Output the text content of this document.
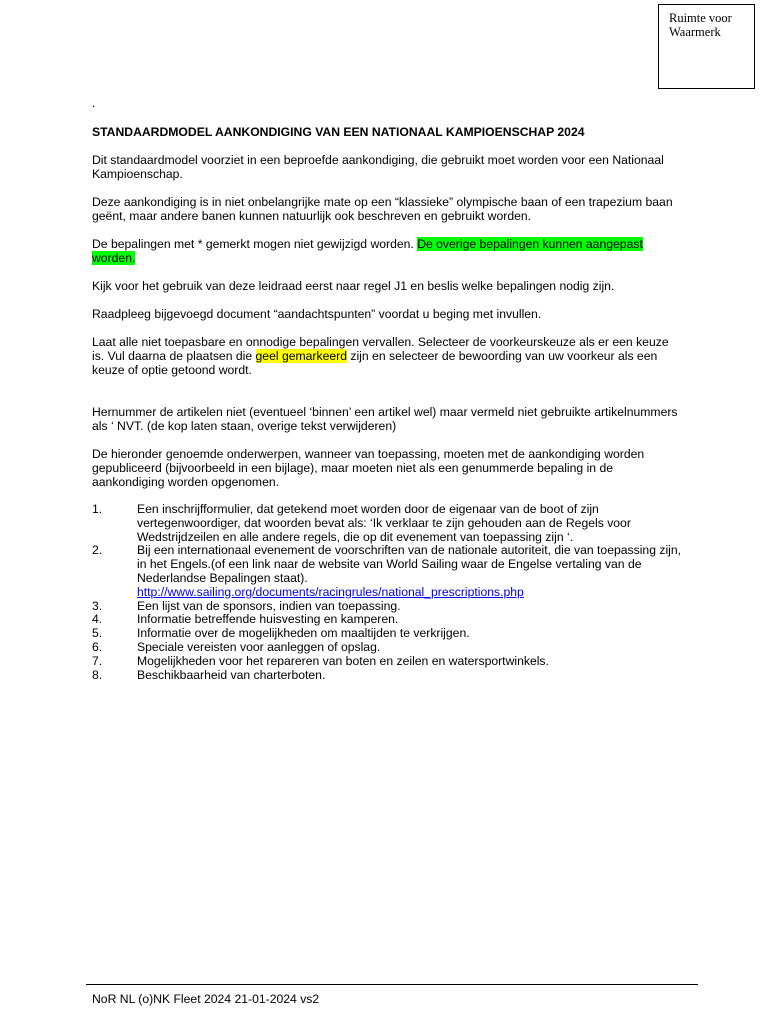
Ruimte voor
Waarmerk
.
STANDAARDMODEL AANKONDIGING VAN EEN NATIONAAL KAMPIOENSCHAP 2024

Dit standaardmodel voorziet in een beproefde aankondiging, die gebruikt moet worden voor een Nationaal Kampioenschap.

Deze aankondiging is in niet onbelangrijke mate op een “klassieke” olympische baan of een trapezium baan geënt, maar andere banen kunnen natuurlijk ook beschreven en gebruikt worden.

De bepalingen met * gemerkt mogen niet gewijzigd worden. De overige bepalingen kunnen aangepast worden.

Kijk voor het gebruik van deze leidraad eerst naar regel J1 en beslis welke bepalingen nodig zijn.

Raadpleeg bijgevoegd document “aandachtspunten” voordat u beging met invullen.

Laat alle niet toepasbare en onnodige bepalingen vervallen. Selecteer de voorkeurskeuze als er een keuze is. Vul daarna de plaatsen die geel gemarkeerd zijn en selecteer de bewoording van uw voorkeur als een keuze of optie getoond wordt.

Hernummer de artikelen niet (eventueel ‘binnen’ een artikel wel) maar vermeld niet gebruikte artikelnummers als ‘ NVT. (de kop laten staan, overige tekst verwijderen)

De hieronder genoemde onderwerpen, wanneer van toepassing, moeten met de aankondiging worden gepubliceerd (bijvoorbeeld in een bijlage), maar moeten niet als een genummerde bepaling in de aankondiging worden opgenomen.

1.	Een inschrijfformulier, dat getekend moet worden door de eigenaar van de boot of zijn vertegenwoordiger, dat woorden bevat als: ‘Ik verklaar te zijn gehouden aan de Regels voor Wedstrijdzeilen en alle andere regels, die op dit evenement van toepassing zijn ‘.
2.	Bij een internationaal evenement de voorschriften van de nationale autoriteit, die van toepassing zijn, in het Engels.(of een link naar de website van World Sailing waar de Engelse vertaling van de Nederlandse Bepalingen staat).
http://www.sailing.org/documents/racingrules/national_prescriptions.php
3.	Een lijst van de sponsors, indien van toepassing.
4.	Informatie betreffende huisvesting en kamperen.
5.	Informatie over de mogelijkheden om maaltijden te verkrijgen.
6.	Speciale vereisten voor aanleggen of opslag.
7.	Mogelijkheden voor het repareren van boten en zeilen en watersportwinkels.
8.	Beschikbaarheid van charterboten.
NoR NL (o)NK Fleet 2024 21-01-2024 vs2
